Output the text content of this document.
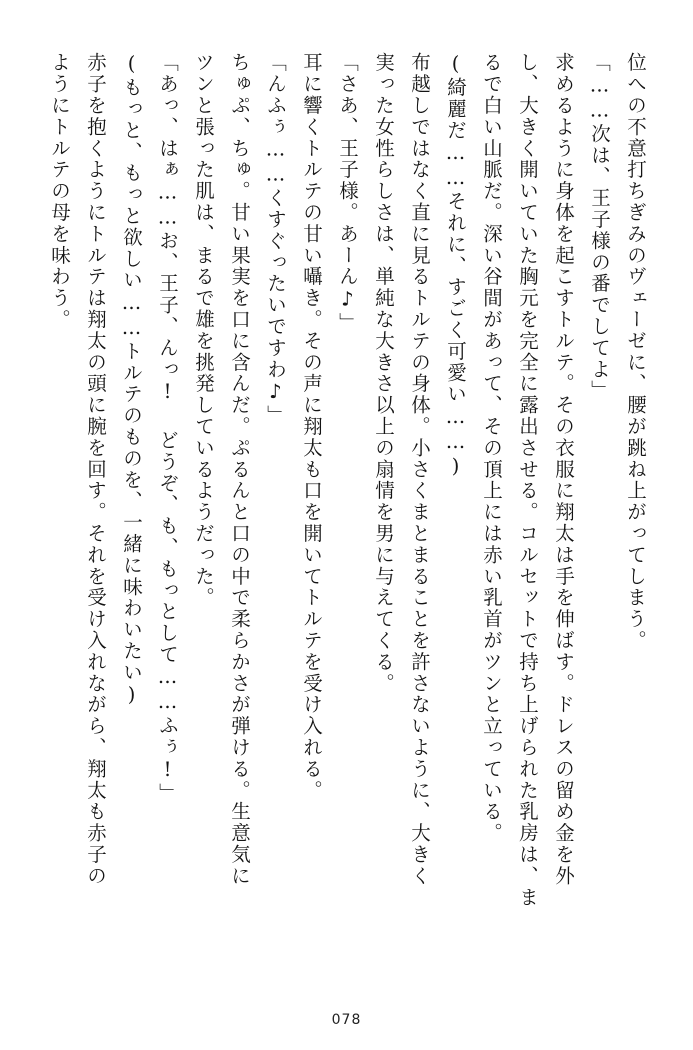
位への不意打ちぎみのヴェーゼに、腰が跳ね上がってしまう。
「……次は、王子様の番でしてよ」
求めるように身体を起こすトルテ。その衣服に翔太は手を伸ばす。ドレスの留め金を外
し、大きく開いていた胸元を完全に露出させる。コルセットで持ち上げられた乳房は、ま
るで白い山脈だ。深い谷間があって、その頂上には赤い乳首がツンと立っている。
(綺麗だ……それに、すごく可愛い……)
布越しではなく直に見るトルテの身体。小さくまとまることを許さないように、大きく
実った女性らしさは、単純な大きさ以上の扇情を男に与えてくる。
「さあ、王子様。あーん♪」
耳に響くトルテの甘い囁き。その声に翔太も口を開いてトルテを受け入れる。
「んふぅ……くすぐったいですわ♪」
ちゅぷ、ちゅ。甘い果実を口に含んだ。ぷるんと口の中で柔らかさが弾ける。生意気に
ツンと張った肌は、まるで雄を挑発しているようだった。
「あっ、はぁ……お、王子、んっ! どうぞ、も、もっとして……ふぅ!」
(もっと、もっと欲しい……トルテのものを、一緒に味わいたい)
赤子を抱くようにトルテは翔太の頭に腕を回す。それを受け入れながら、翔太も赤子の
ようにトルテの母を味わう。
078
